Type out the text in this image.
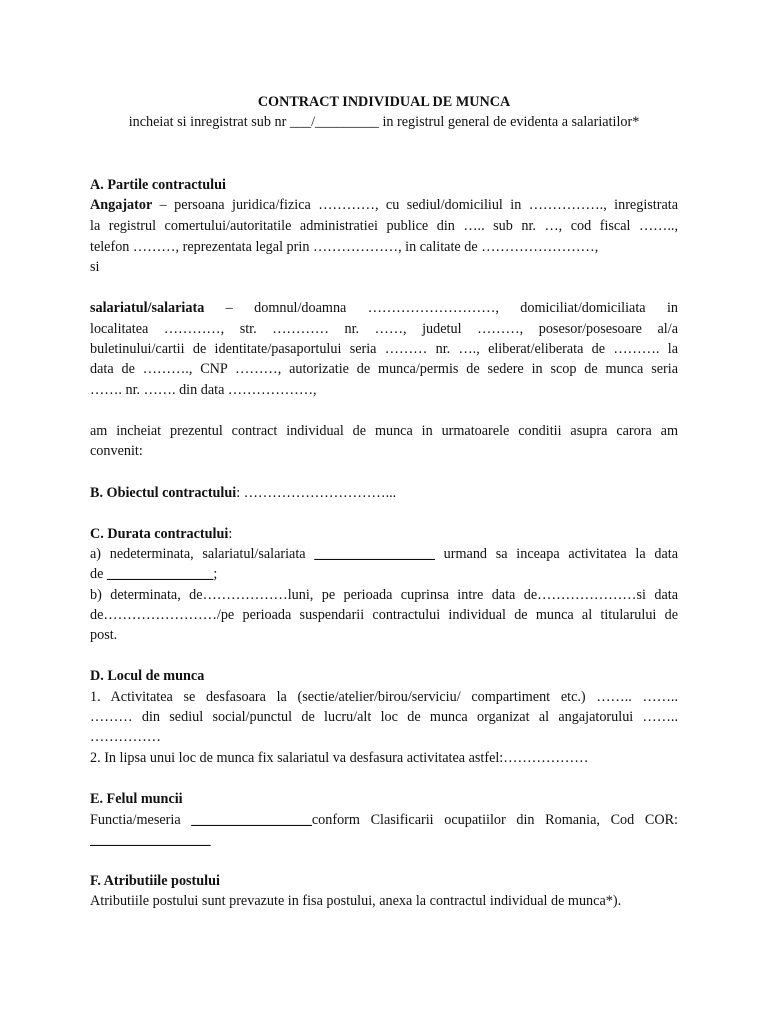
CONTRACT INDIVIDUAL DE MUNCA
incheiat si inregistrat sub nr ___/_________ in registrul general de evidenta a salariatilor*
A. Partile contractului
Angajator – persoana juridica/fizica …………, cu sediul/domiciliul in ……………., inregistrata
la registrul comertului/autoritatile administratiei publice din ….. sub nr. …, cod fiscal ……..,
telefon ………, reprezentata legal prin ………………, in calitate de ……………………,
si
salariatul/salariata – domnul/doamna ………………………, domiciliat/domiciliata in
localitatea …………, str. ………… nr. ……, judetul ………, posesor/posesoare al/a
buletinului/cartii de identitate/pasaportului seria ……… nr. …., eliberat/eliberata de ………. la
data de ………., CNP ………, autorizatie de munca/permis de sedere in scop de munca seria
……. nr. ……. din data ………………,
am incheiat prezentul contract individual de munca in urmatoarele conditii asupra carora am
convenit:
B. Obiectul contractului: …………………………...
C. Durata contractului:
a) nedeterminata, salariatul/salariata _________________ urmand sa inceapa activitatea la data
de _______________;
b) determinata, de………………luni, pe perioada cuprinsa intre data de…………………si data
de……………………/pe perioada suspendarii contractului individual de munca al titularului de
post.
D. Locul de munca
1. Activitatea se desfasoara la (sectie/atelier/birou/serviciu/ compartiment etc.) …….. ……..
……… din sediul social/punctul de lucru/alt loc de munca organizat al angajatorului ……..
……………
2. In lipsa unui loc de munca fix salariatul va desfasura activitatea astfel:………………
E. Felul muncii
Functia/meseria _________________conform Clasificarii ocupatiilor din Romania, Cod COR:
_________________
F. Atributiile postului
Atributiile postului sunt prevazute in fisa postului, anexa la contractul individual de munca*).
